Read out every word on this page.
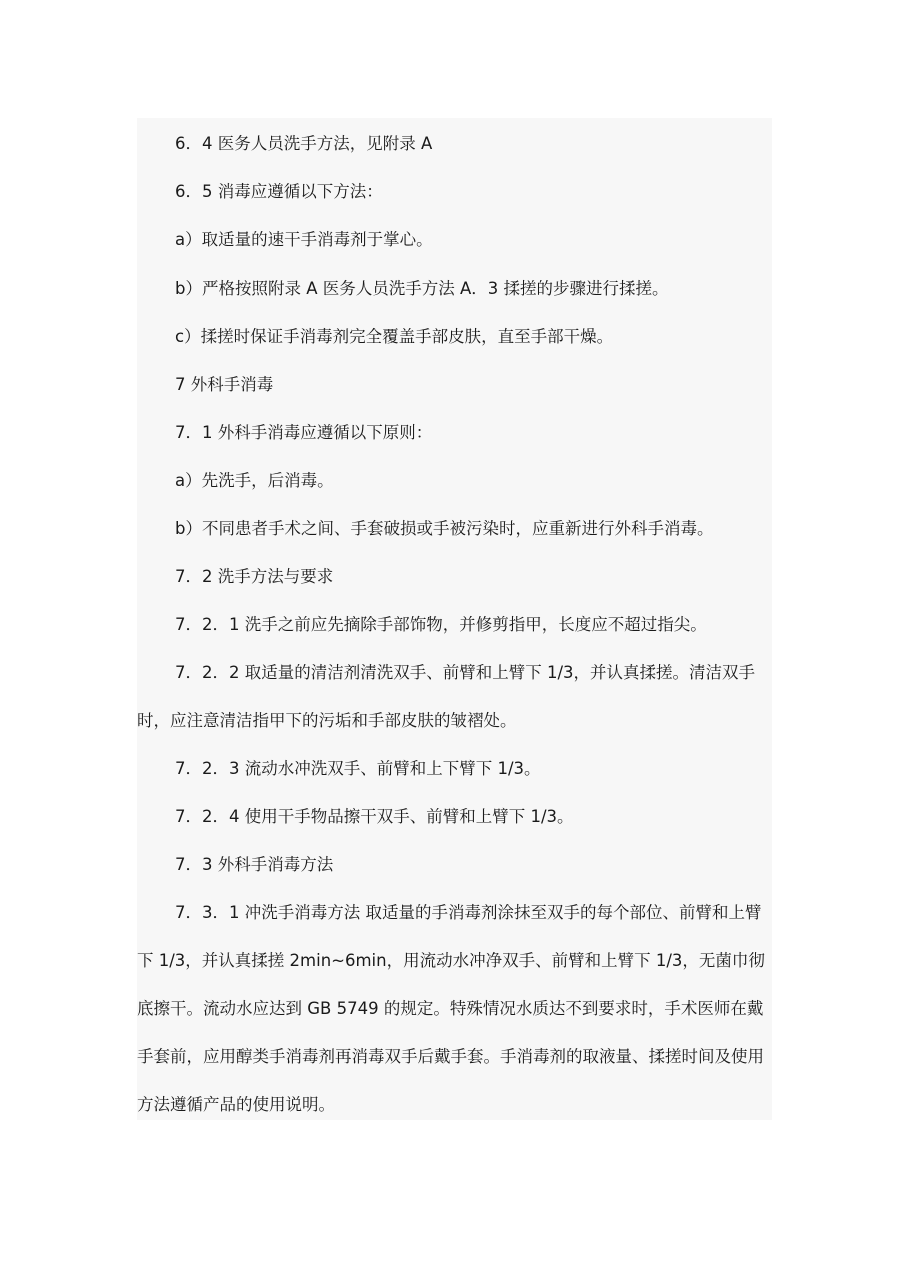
6．4 医务人员洗手方法，见附录 A

6．5 消毒应遵循以下方法：

a）取适量的速干手消毒剂于掌心。

b）严格按照附录 A 医务人员洗手方法 A．3 揉搓的步骤进行揉搓。

c）揉搓时保证手消毒剂完全覆盖手部皮肤，直至手部干燥。

7 外科手消毒

7．1 外科手消毒应遵循以下原则：

a）先洗手，后消毒。

b）不同患者手术之间、手套破损或手被污染时，应重新进行外科手消毒。

7．2 洗手方法与要求

7．2．1 洗手之前应先摘除手部饰物，并修剪指甲，长度应不超过指尖。

7．2．2 取适量的清洁剂清洗双手、前臂和上臂下 1/3，并认真揉搓。清洁双手时，应注意清洁指甲下的污垢和手部皮肤的皱褶处。

7．2．3 流动水冲洗双手、前臂和上下臂下 1/3。

7．2．4 使用干手物品擦干双手、前臂和上臂下 1/3。

7．3 外科手消毒方法

7．3．1 冲洗手消毒方法 取适量的手消毒剂涂抹至双手的每个部位、前臂和上臂下 1/3，并认真揉搓 2min~6min，用流动水冲净双手、前臂和上臂下 1/3，无菌巾彻底擦干。流动水应达到 GB 5749 的规定。特殊情况水质达不到要求时，手术医师在戴手套前，应用醇类手消毒剂再消毒双手后戴手套。手消毒剂的取液量、揉搓时间及使用方法遵循产品的使用说明。
